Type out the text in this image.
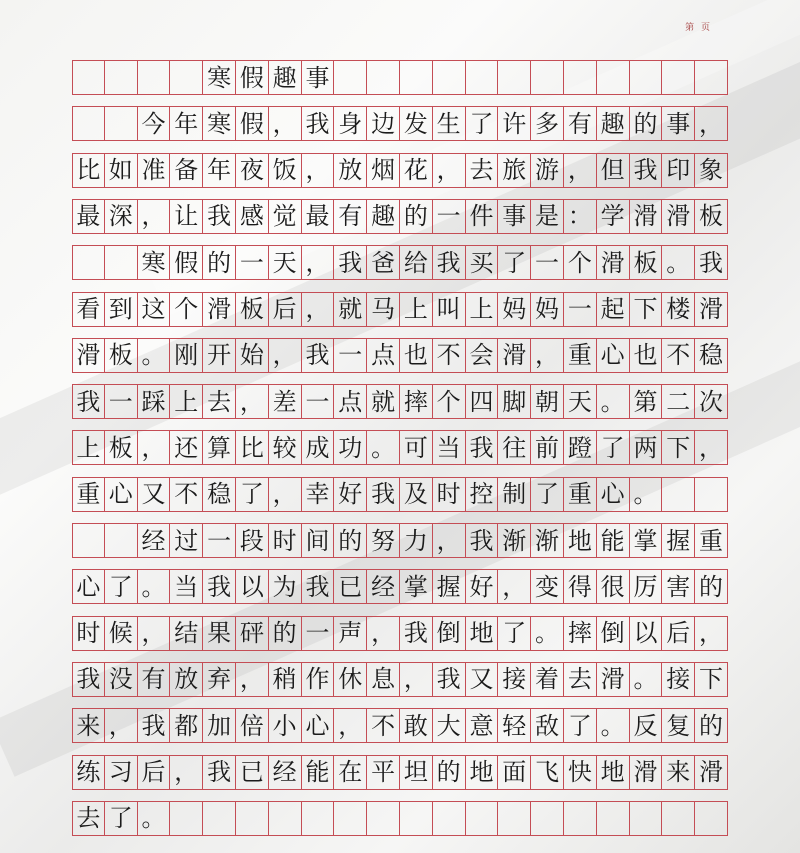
第 页
寒 假 趣 事
今 年 寒 假 ， 我 身 边 发 生 了 许 多 有 趣 的 事 ，
比 如 准 备 年 夜 饭 ， 放 烟 花 ， 去 旅 游 ， 但 我 印 象
最 深 ， 让 我 感 觉 最 有 趣 的 一 件 事 是 ： 学 滑 滑 板
寒 假 的 一 天 ， 我 爸 给 我 买 了 一 个 滑 板 。 我
看 到 这 个 滑 板 后 ， 就 马 上 叫 上 妈 妈 一 起 下 楼 滑
滑 板 。 刚 开 始 ， 我 一 点 也 不 会 滑 ， 重 心 也 不 稳
我 一 踩 上 去 ， 差 一 点 就 摔 个 四 脚 朝 天 。 第 二 次
上 板 ， 还 算 比 较 成 功 。 可 当 我 往 前 蹬 了 两 下 ，
重 心 又 不 稳 了 ， 幸 好 我 及 时 控 制 了 重 心 。
经 过 一 段 时 间 的 努 力 ， 我 渐 渐 地 能 掌 握 重
心 了 。 当 我 以 为 我 已 经 掌 握 好 ， 变 得 很 厉 害 的
时 候 ， 结 果 砰 的 一 声 ， 我 倒 地 了 。 摔 倒 以 后 ，
我 没 有 放 弃 ， 稍 作 休 息 ， 我 又 接 着 去 滑 。 接 下
来 ， 我 都 加 倍 小 心 ， 不 敢 大 意 轻 敌 了 。 反 复 的
练 习 后 ， 我 已 经 能 在 平 坦 的 地 面 飞 快 地 滑 来 滑
去 了 。
